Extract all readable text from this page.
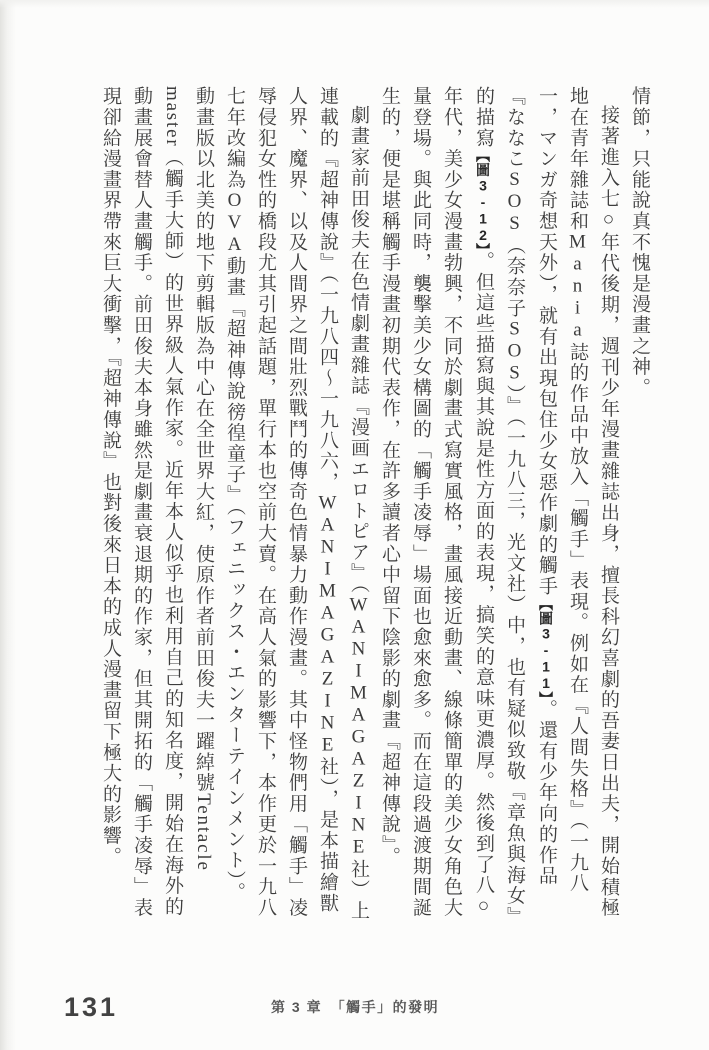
情節，只能說真不愧是漫畫之神。

接著進入七○年代後期，週刊少年漫畫雜誌出身，擅長科幻喜劇的吾妻日出夫，開始積極地在青年雜誌和Mania誌的作品中放入「觸手」表現。例如在『人間失格』（一九八一，マンガ奇想天外），就有出現包住少女惡作劇的觸手【圖3-11】。還有少年向的作品『ななこSOS（奈奈子SOS）』（一九八三，光文社）中，也有疑似致敬『章魚與海女』的描寫【圖3-12】。但這些描寫與其說是性方面的表現，搞笑的意味更濃厚。然後到了八○年代，美少女漫畫勃興，不同於劇畫式寫實風格，畫風接近動畫、線條簡單的美少女角色大量登場。與此同時，襲擊美少女構圖的「觸手凌辱」場面也愈來愈多。而在這段過渡期間誕生的，便是堪稱觸手漫畫初期代表作，在許多讀者心中留下陰影的劇畫『超神傳說』。

劇畫家前田俊夫在色情劇畫雜誌『漫画エロトピア』（WANIMAGAZINE社）上連載的『超神傳說』（一九八四～一九八六，WANIMAGAZINE社），是本描繪獸人界、魔界、以及人間界之間壯烈戰鬥的傳奇色情暴力動作漫畫。其中怪物們用「觸手」凌辱侵犯女性的橋段尤其引起話題，單行本也空前大賣。在高人氣的影響下，本作更於一九八七年改編為OVA動畫『超神傳說徬徨童子』（フェニックス・エンターテインメント）。動畫版以北美的地下剪輯版為中心在全世界大紅，使原作者前田俊夫一躍綽號Tentacle master（觸手大師）的世界級人氣作家。近年本人似乎也利用自己的知名度，開始在海外的動畫展會替人畫觸手。前田俊夫本身雖然是劇畫衰退期的作家，但其開拓的「觸手凌辱」表現卻給漫畫界帶來巨大衝擊，『超神傳說』也對後來日本的成人漫畫留下極大的影響。

131	第 3 章　「觸手」的發明
